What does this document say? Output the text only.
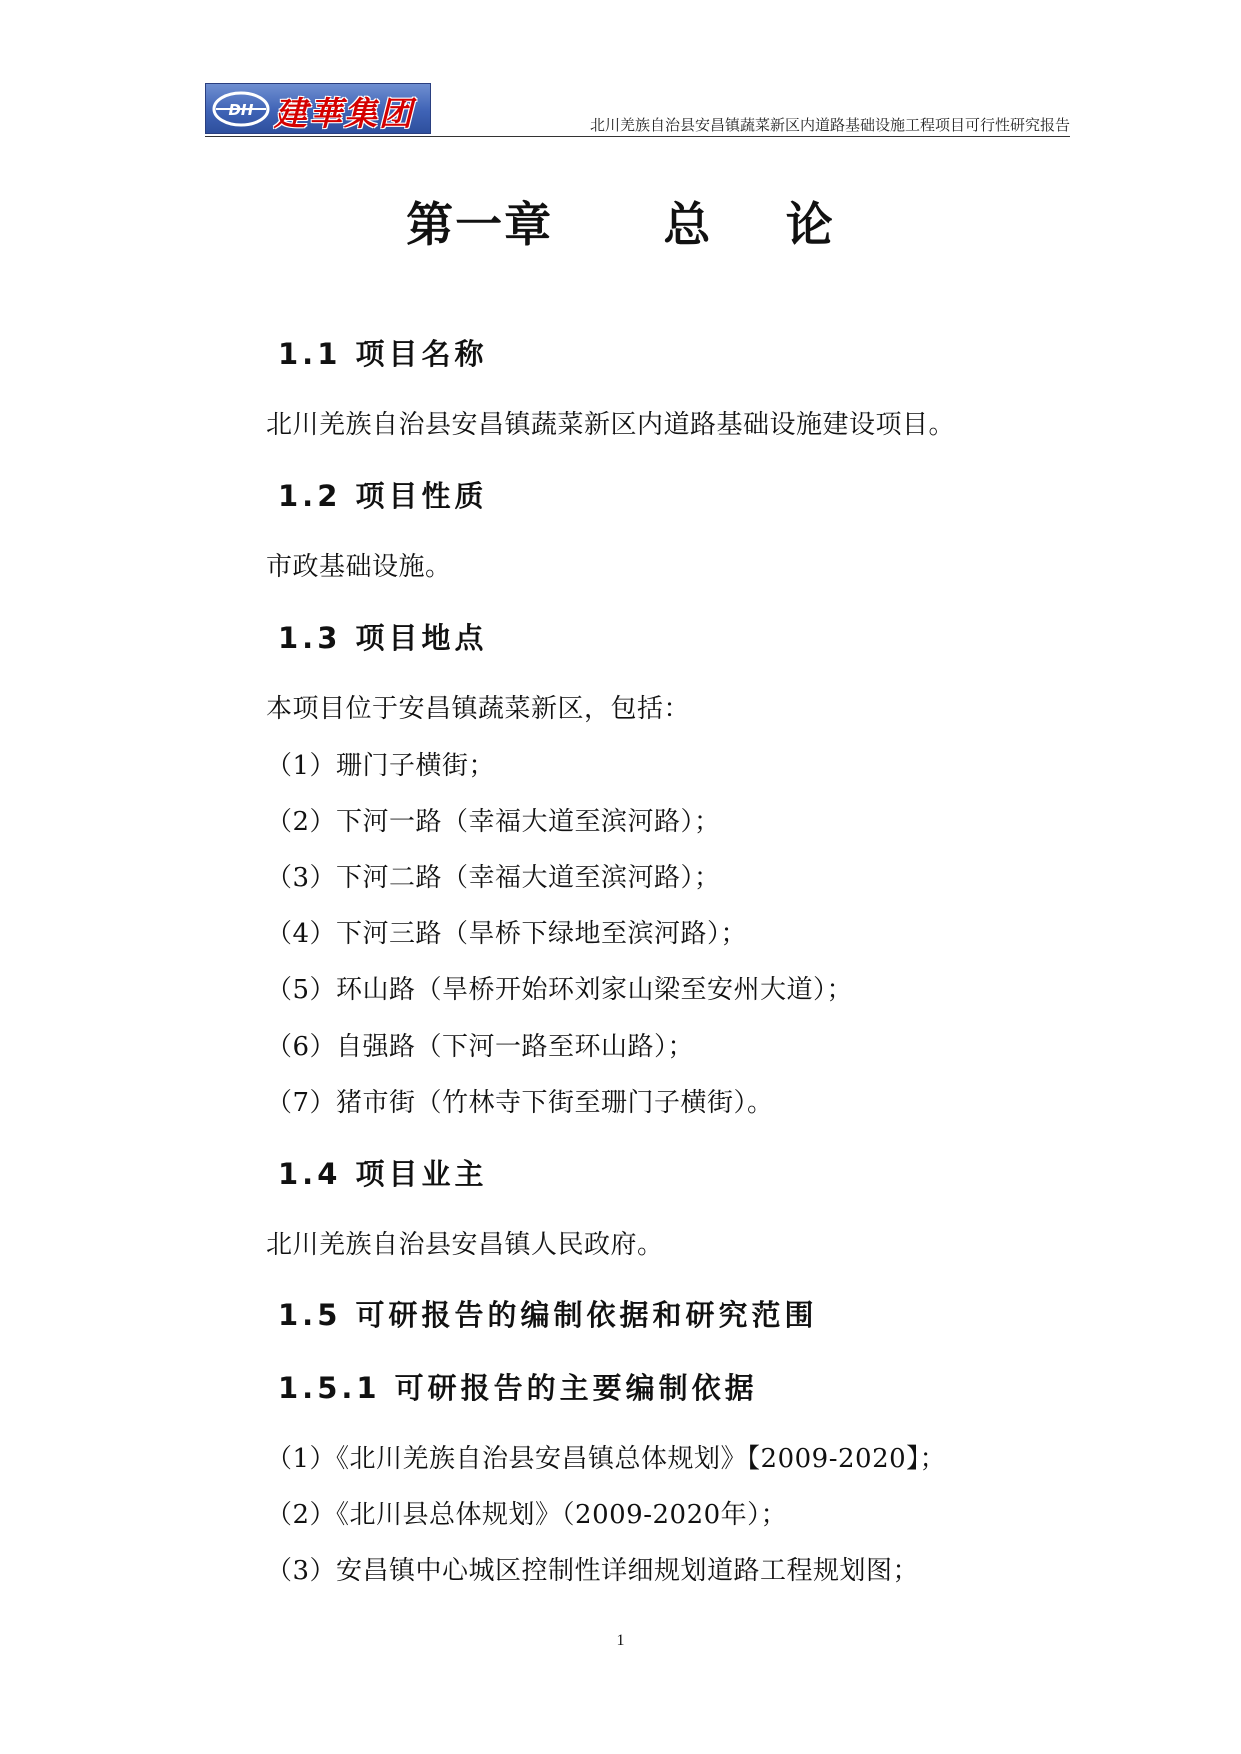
DH 建華集团	北川羌族自治县安昌镇蔬菜新区内道路基础设施工程项目可行性研究报告
第一章      总    论
1.1 项目名称
北川羌族自治县安昌镇蔬菜新区内道路基础设施建设项目。
1.2 项目性质
市政基础设施。
1.3 项目地点
本项目位于安昌镇蔬菜新区，包括：
（1）珊门子横街；
（2）下河一路（幸福大道至滨河路）；
（3）下河二路（幸福大道至滨河路）；
（4）下河三路（旱桥下绿地至滨河路）；
（5）环山路（旱桥开始环刘家山梁至安州大道）；
（6）自强路（下河一路至环山路）；
（7）猪市街（竹林寺下街至珊门子横街）。
1.4 项目业主
北川羌族自治县安昌镇人民政府。
1.5 可研报告的编制依据和研究范围
1.5.1 可研报告的主要编制依据
（1）《北川羌族自治县安昌镇总体规划》【2009-2020】；
（2）《北川县总体规划》（2009-2020年）；
（3）安昌镇中心城区控制性详细规划道路工程规划图；
1
